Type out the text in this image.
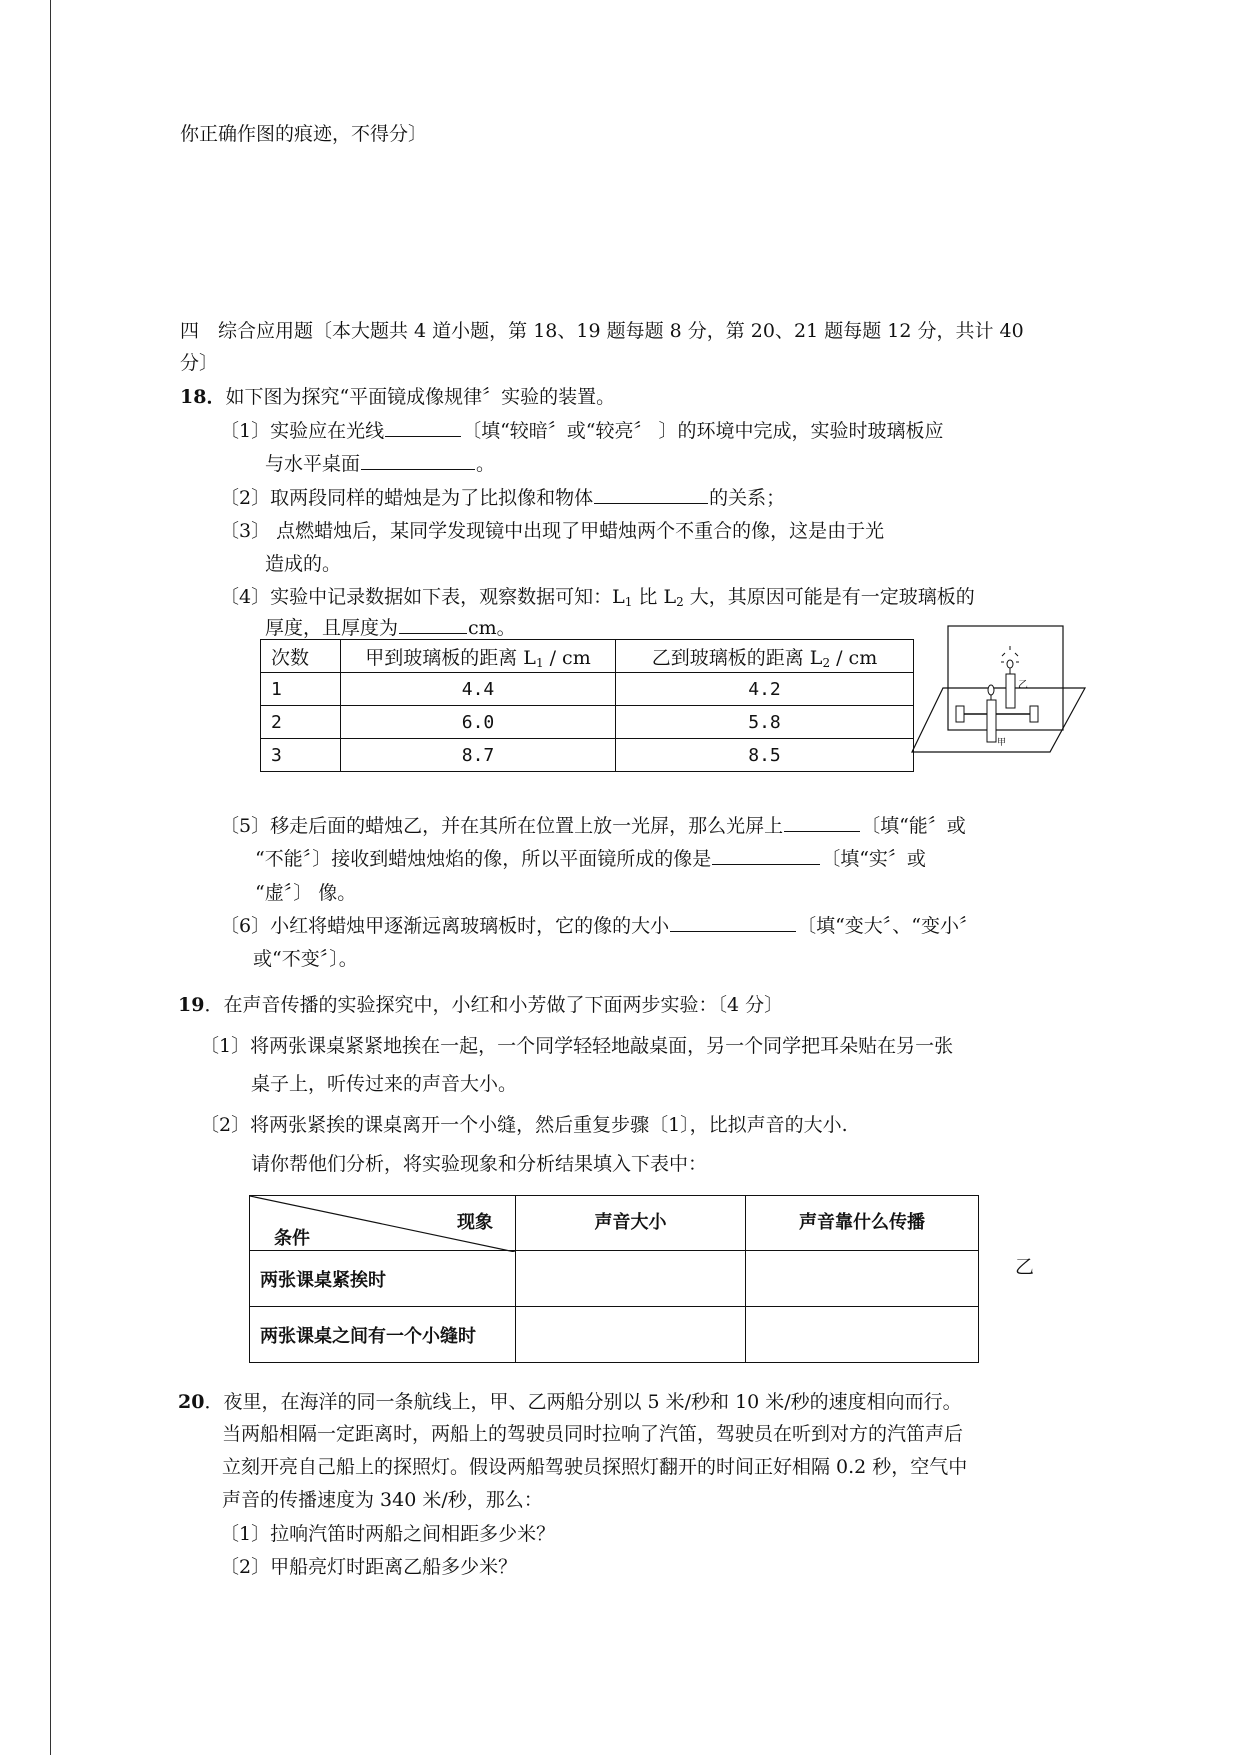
你正确作图的痕迹，不得分〕
四　综合应用题〔本大题共 4 道小题，第 18、19 题每题 8 分，第 20、21 题每题 12 分，共计 40
分〕
18．如下图为探究“平面镜成像规律〞实验的装置。
〔1〕实验应在光线	〔填“较暗〞或“较亮〞 〕的环境中完成，实验时玻璃板应
与水平桌面	。
〔2〕取两段同样的蜡烛是为了比拟像和物体	的关系；
〔3〕 点燃蜡烛后，某同学发现镜中出现了甲蜡烛两个不重合的像，这是由于光
造成的。
〔4〕实验中记录数据如下表，观察数据可知：$L_1$ 比 $L_2$ 大，其原因可能是有一定玻璃板的
厚度，且厚度为	cm。
次数	甲到玻璃板的距离 $L_1$ / cm	乙到玻璃板的距离 $L_2$ / cm
1	4.4	4.2
2	6.0	5.8
3	8.7	8.5
乙
甲
〔5〕移走后面的蜡烛乙，并在其所在位置上放一光屏，那么光屏上	〔填“能〞或
“不能〞〕接收到蜡烛烛焰的像，所以平面镜所成的像是	〔填“实〞或
“虚〞〕 像。
〔6〕小红将蜡烛甲逐渐远离玻璃板时，它的像的大小	〔填“变大〞、“变小〞
或“不变〞〕。
19．在声音传播的实验探究中，小红和小芳做了下面两步实验：〔4 分〕
〔1〕将两张课桌紧紧地挨在一起，一个同学轻轻地敲桌面，另一个同学把耳朵贴在另一张
桌子上，听传过来的声音大小。
〔2〕将两张紧挨的课桌离开一个小缝，然后重复步骤〔1〕，比拟声音的大小.
请你帮他们分析，将实验现象和分析结果填入下表中：
现象
条件	声音大小	声音靠什么传播
两张课桌紧挨时		
两张课桌之间有一个小缝时		
乙
20．夜里，在海洋的同一条航线上，甲、乙两船分别以 5 米/秒和 10 米/秒的速度相向而行。
当两船相隔一定距离时，两船上的驾驶员同时拉响了汽笛，驾驶员在听到对方的汽笛声后
立刻开亮自己船上的探照灯。假设两船驾驶员探照灯翻开的时间正好相隔 0.2 秒，空气中
声音的传播速度为 340 米/秒，那么：
〔1〕拉响汽笛时两船之间相距多少米？
〔2〕甲船亮灯时距离乙船多少米？
